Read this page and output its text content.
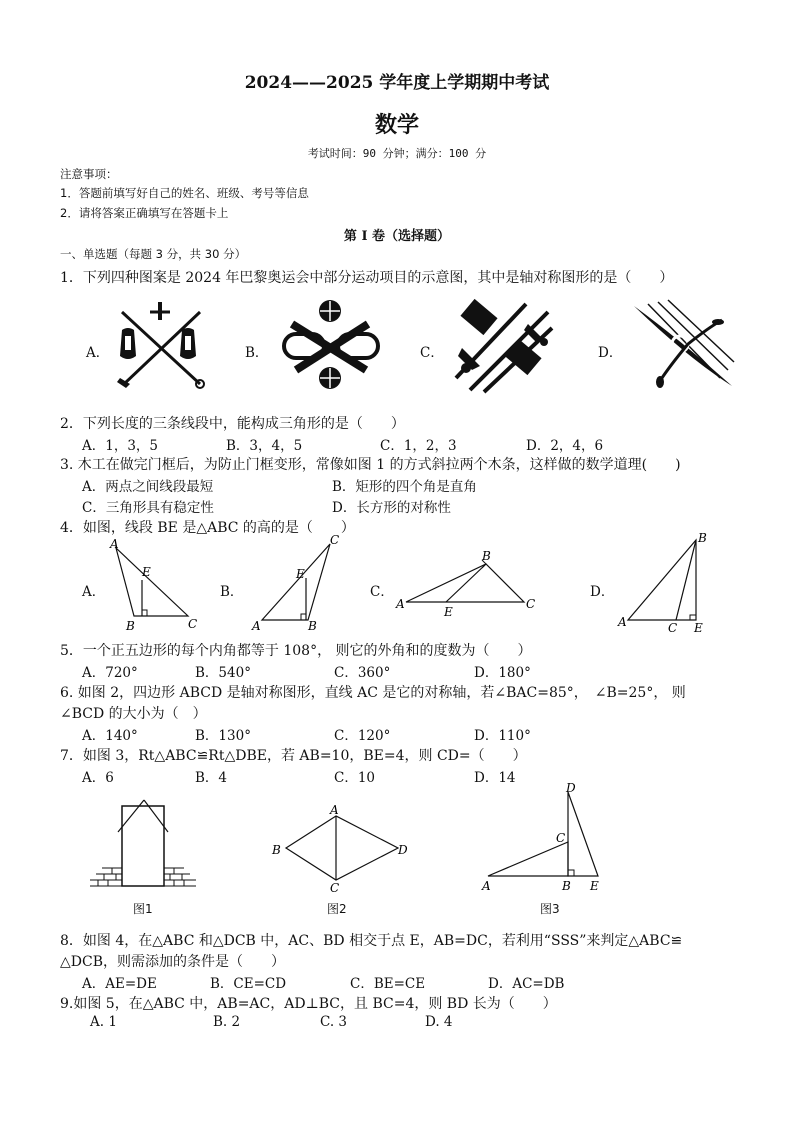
2024——2025 学年度上学期期中考试
数学
考试时间：90 分钟；满分：100 分
注意事项：
1．答题前填写好自己的姓名、班级、考号等信息
2．请将答案正确填写在答题卡上
第 I 卷（选择题）
一、单选题（每题 3 分，共 30 分）
1．下列四种图案是 2024 年巴黎奥运会中部分运动项目的示意图，其中是轴对称图形的是（　　）
A．	B．	C．	D．
2．下列长度的三条线段中，能构成三角形的是（　　）
A．1，3，5	B．3，4，5	C．1，2，3	D．2，4，6
3. 木工在做完门框后，为防止门框变形，常像如图 1 的方式斜拉两个木条，这样做的数学道理(　　)
A．两点之间线段最短	B．矩形的四个角是直角
C．三角形具有稳定性	D．长方形的对称性
4．如图，线段 BE 是△ABC 的高的是（　　）
A．	B．	C．	D．
A
E
B	C
C
E
A	B
B
A
E
C
B
A	C E
5．一个正五边形的每个内角都等于 108°， 则它的外角和的度数为（　　）
A．720°	B．540°	C．360°	D．180°
6. 如图 2，四边形 ABCD 是轴对称图形，直线 AC 是它的对称轴，若∠BAC=85°，　∠B=25°， 则
∠BCD 的大小为（　）
A．140°	B．130°	C．120°	D．110°
7．如图 3，Rt△ABC≌Rt△DBE，若 AB=10，BE=4，则 CD=（　　）
A．6	B．4	C．10	D．14
图1
A
B
C
D
图2
D
C
A	B E
图3
8．如图 4，在△ABC 和△DCB 中，AC、BD 相交于点 E，AB=DC，若利用“SSS”来判定△ABC≌
△DCB，则需添加的条件是（　　）
A．AE=DE	B．CE=CD	C．BE=CE	D．AC=DB
9.如图 5，在△ABC 中，AB=AC，AD⊥BC，且 BC=4，则 BD 长为（　　）
A. 1	B. 2	C. 3	D. 4
